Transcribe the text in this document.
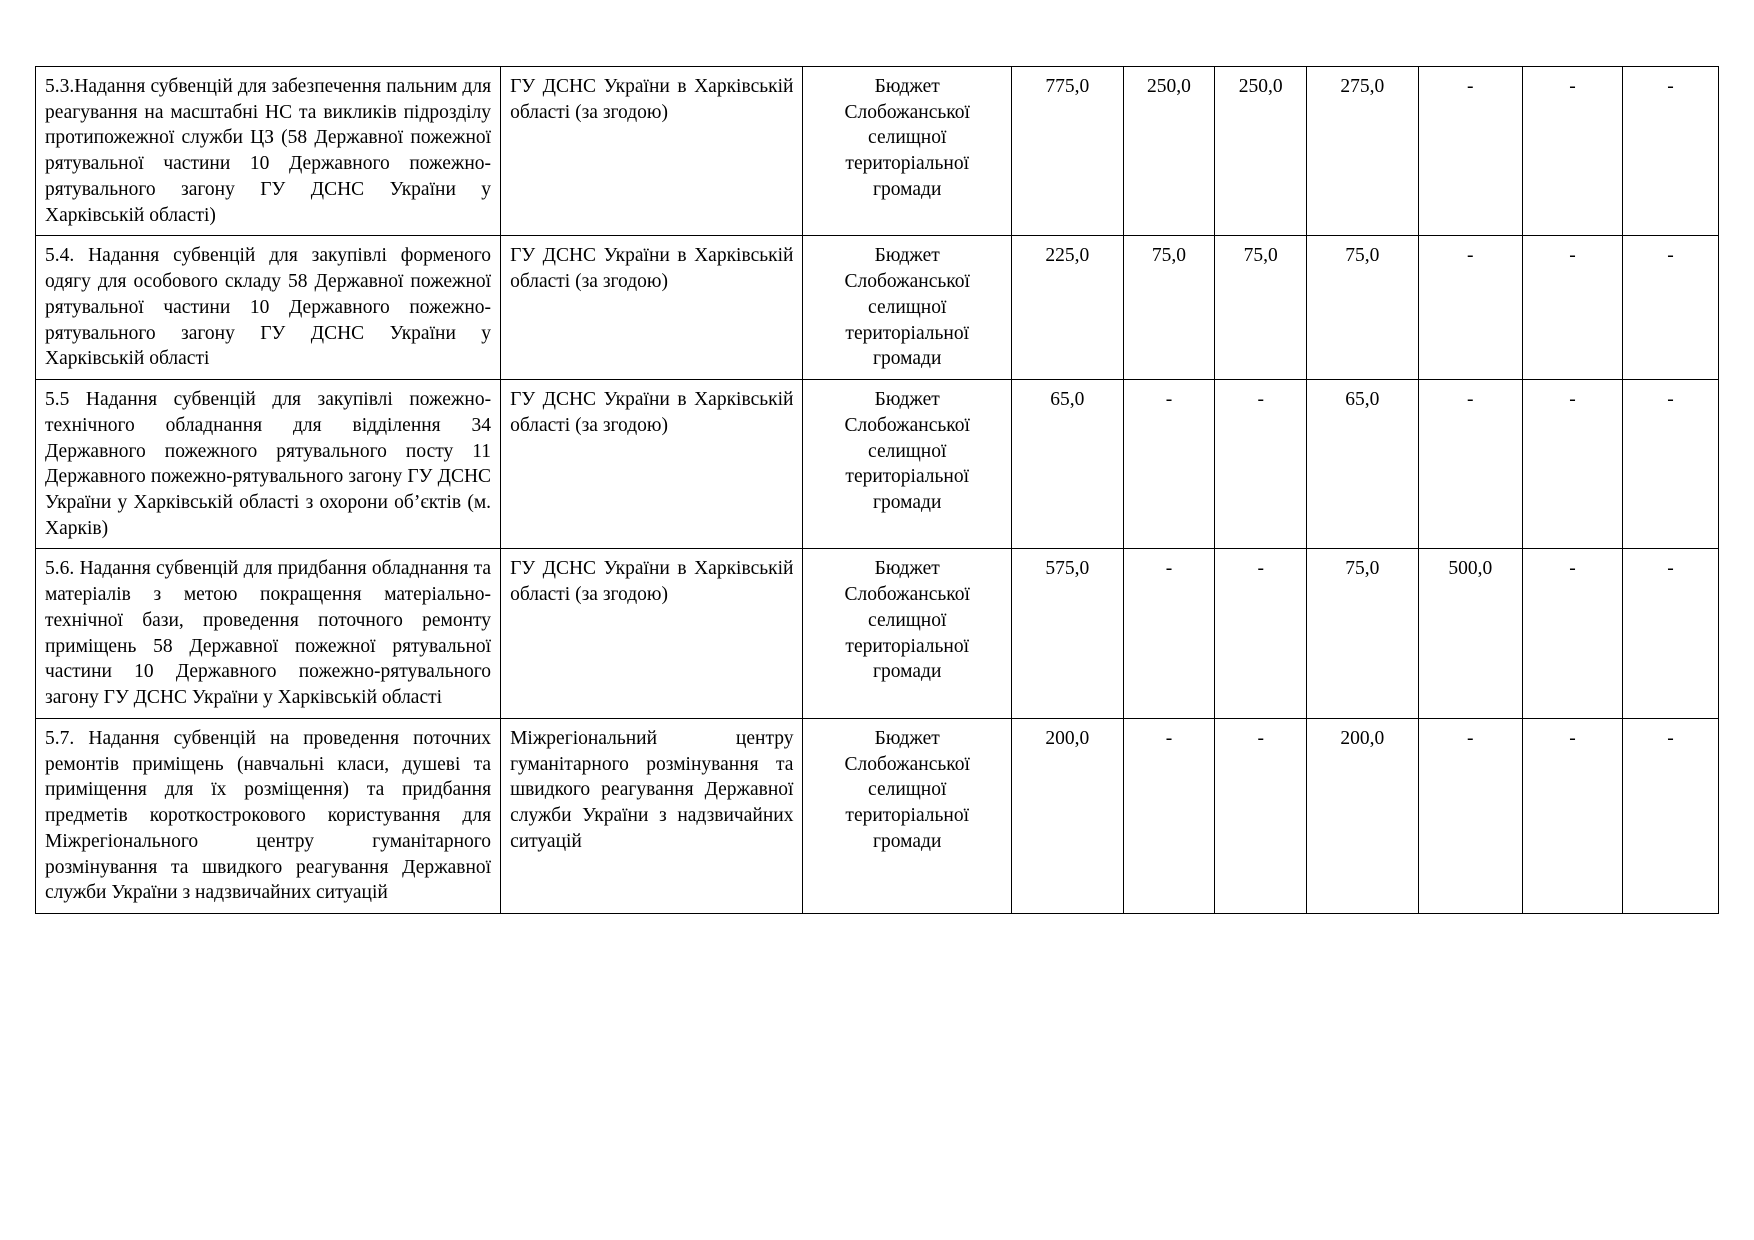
5.3.Надання субвенцій для забезпечення пальним для реагування на масштабні НС та викликів підрозділу протипожежної служби ЦЗ (58 Державної пожежної рятувальної частини 10 Державного пожежно-рятувального загону ГУ ДСНС України у Харківській області)	ГУ ДСНС України в Харківській області (за згодою)	Бюджет Слобожанської селищної територіальної громади	775,0	250,0	250,0	275,0	-	-	-
5.4. Надання субвенцій для закупівлі форменого одягу для особового складу 58 Державної пожежної рятувальної частини 10 Державного пожежно-рятувального загону ГУ ДСНС України у Харківській області	ГУ ДСНС України в Харківській області (за згодою)	Бюджет Слобожанської селищної територіальної громади	225,0	75,0	75,0	75,0	-	-	-
5.5 Надання субвенцій для закупівлі пожежно-технічного обладнання для відділення 34 Державного пожежного рятувального посту 11 Державного пожежно-рятувального загону ГУ ДСНС України у Харківській області з охорони об’єктів (м. Харків)	ГУ ДСНС України в Харківській області (за згодою)	Бюджет Слобожанської селищної територіальної громади	65,0	-	-	65,0	-	-	-
5.6. Надання субвенцій для придбання обладнання та матеріалів з метою покращення матеріально-технічної бази, проведення поточного ремонту приміщень 58 Державної пожежної рятувальної частини 10 Державного пожежно-рятувального загону ГУ ДСНС України у Харківській області	ГУ ДСНС України в Харківській області (за згодою)	Бюджет Слобожанської селищної територіальної громади	575,0	-	-	75,0	500,0	-	-
5.7. Надання субвенцій на проведення поточних ремонтів приміщень (навчальні класи, душеві та приміщення для їх розміщення) та придбання предметів короткострокового користування для Міжрегіонального центру гуманітарного розмінування та швидкого реагування Державної служби України з надзвичайних ситуацій	Міжрегіональний центру гуманітарного розмінування та швидкого реагування Державної служби України з надзвичайних ситуацій	Бюджет Слобожанської селищної територіальної громади	200,0	-	-	200,0	-	-	-
